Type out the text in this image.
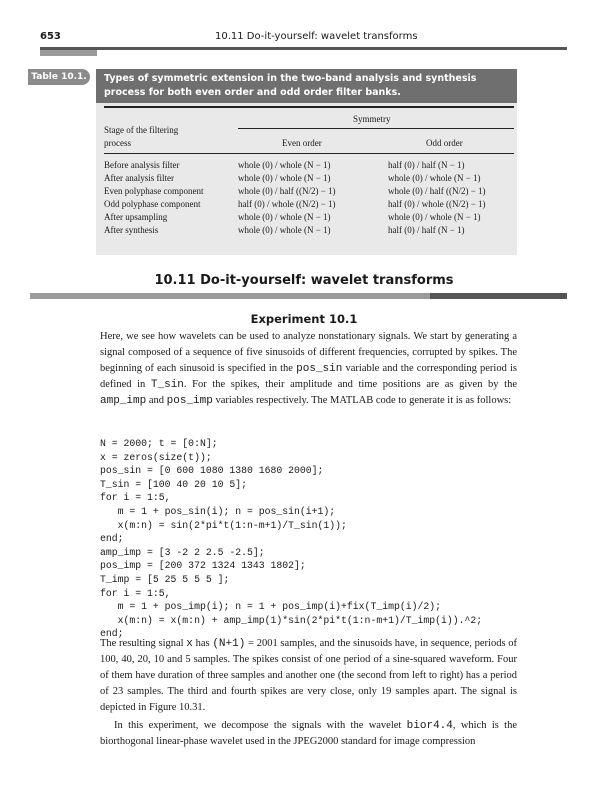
653	10.11 Do-it-yourself: wavelet transforms
Table 10.1.	Types of symmetric extension in the two-band analysis and synthesis process for both even order and odd order filter banks.
Symmetry
Stage of the filtering
process	Even order	Odd order
Before analysis filter	whole (0) / whole (N − 1)	half (0) / half (N − 1)
After analysis filter	whole (0) / whole (N − 1)	whole (0) / whole (N − 1)
Even polyphase component	whole (0) / half ((N/2) − 1)	whole (0) / half ((N/2) − 1)
Odd polyphase component	half (0) / whole ((N/2) − 1)	half (0) / whole ((N/2) − 1)
After upsampling	whole (0) / whole (N − 1)	whole (0) / whole (N − 1)
After synthesis	whole (0) / whole (N − 1)	half (0) / half (N − 1)
10.11 Do-it-yourself: wavelet transforms
Experiment 10.1
Here, we see how wavelets can be used to analyze nonstationary signals. We start by generating a signal composed of a sequence of five sinusoids of different frequencies, corrupted by spikes. The beginning of each sinusoid is specified in the pos_sin variable and the corresponding period is defined in T_sin. For the spikes, their amplitude and time positions are as given by the amp_imp and pos_imp variables respectively. The MATLAB code to generate it is as follows:
N = 2000; t = [0:N];
x = zeros(size(t));
pos_sin = [0 600 1080 1380 1680 2000];
T_sin = [100 40 20 10 5];
for i = 1:5,
m = 1 + pos_sin(i); n = pos_sin(i+1);
x(m:n) = sin(2*pi*t(1:n-m+1)/T_sin(1));
end;
amp_imp = [3 -2 2 2.5 -2.5];
pos_imp = [200 372 1324 1343 1802];
T_imp = [5 25 5 5 5 ];
for i = 1:5,
m = 1 + pos_imp(i); n = 1 + pos_imp(i)+fix(T_imp(i)/2);
x(m:n) = x(m:n) + amp_imp(1)*sin(2*pi*t(1:n-m+1)/T_imp(i)).^2;
end;
The resulting signal x has (N+1) = 2001 samples, and the sinusoids have, in sequence, periods of 100, 40, 20, 10 and 5 samples. The spikes consist of one period of a sine-squared waveform. Four of them have duration of three samples and another one (the second from left to right) has a period of 23 samples. The third and fourth spikes are very close, only 19 samples apart. The signal is depicted in Figure 10.31.
In this experiment, we decompose the signals with the wavelet bior4.4, which is the biorthogonal linear-phase wavelet used in the JPEG2000 standard for image compression
